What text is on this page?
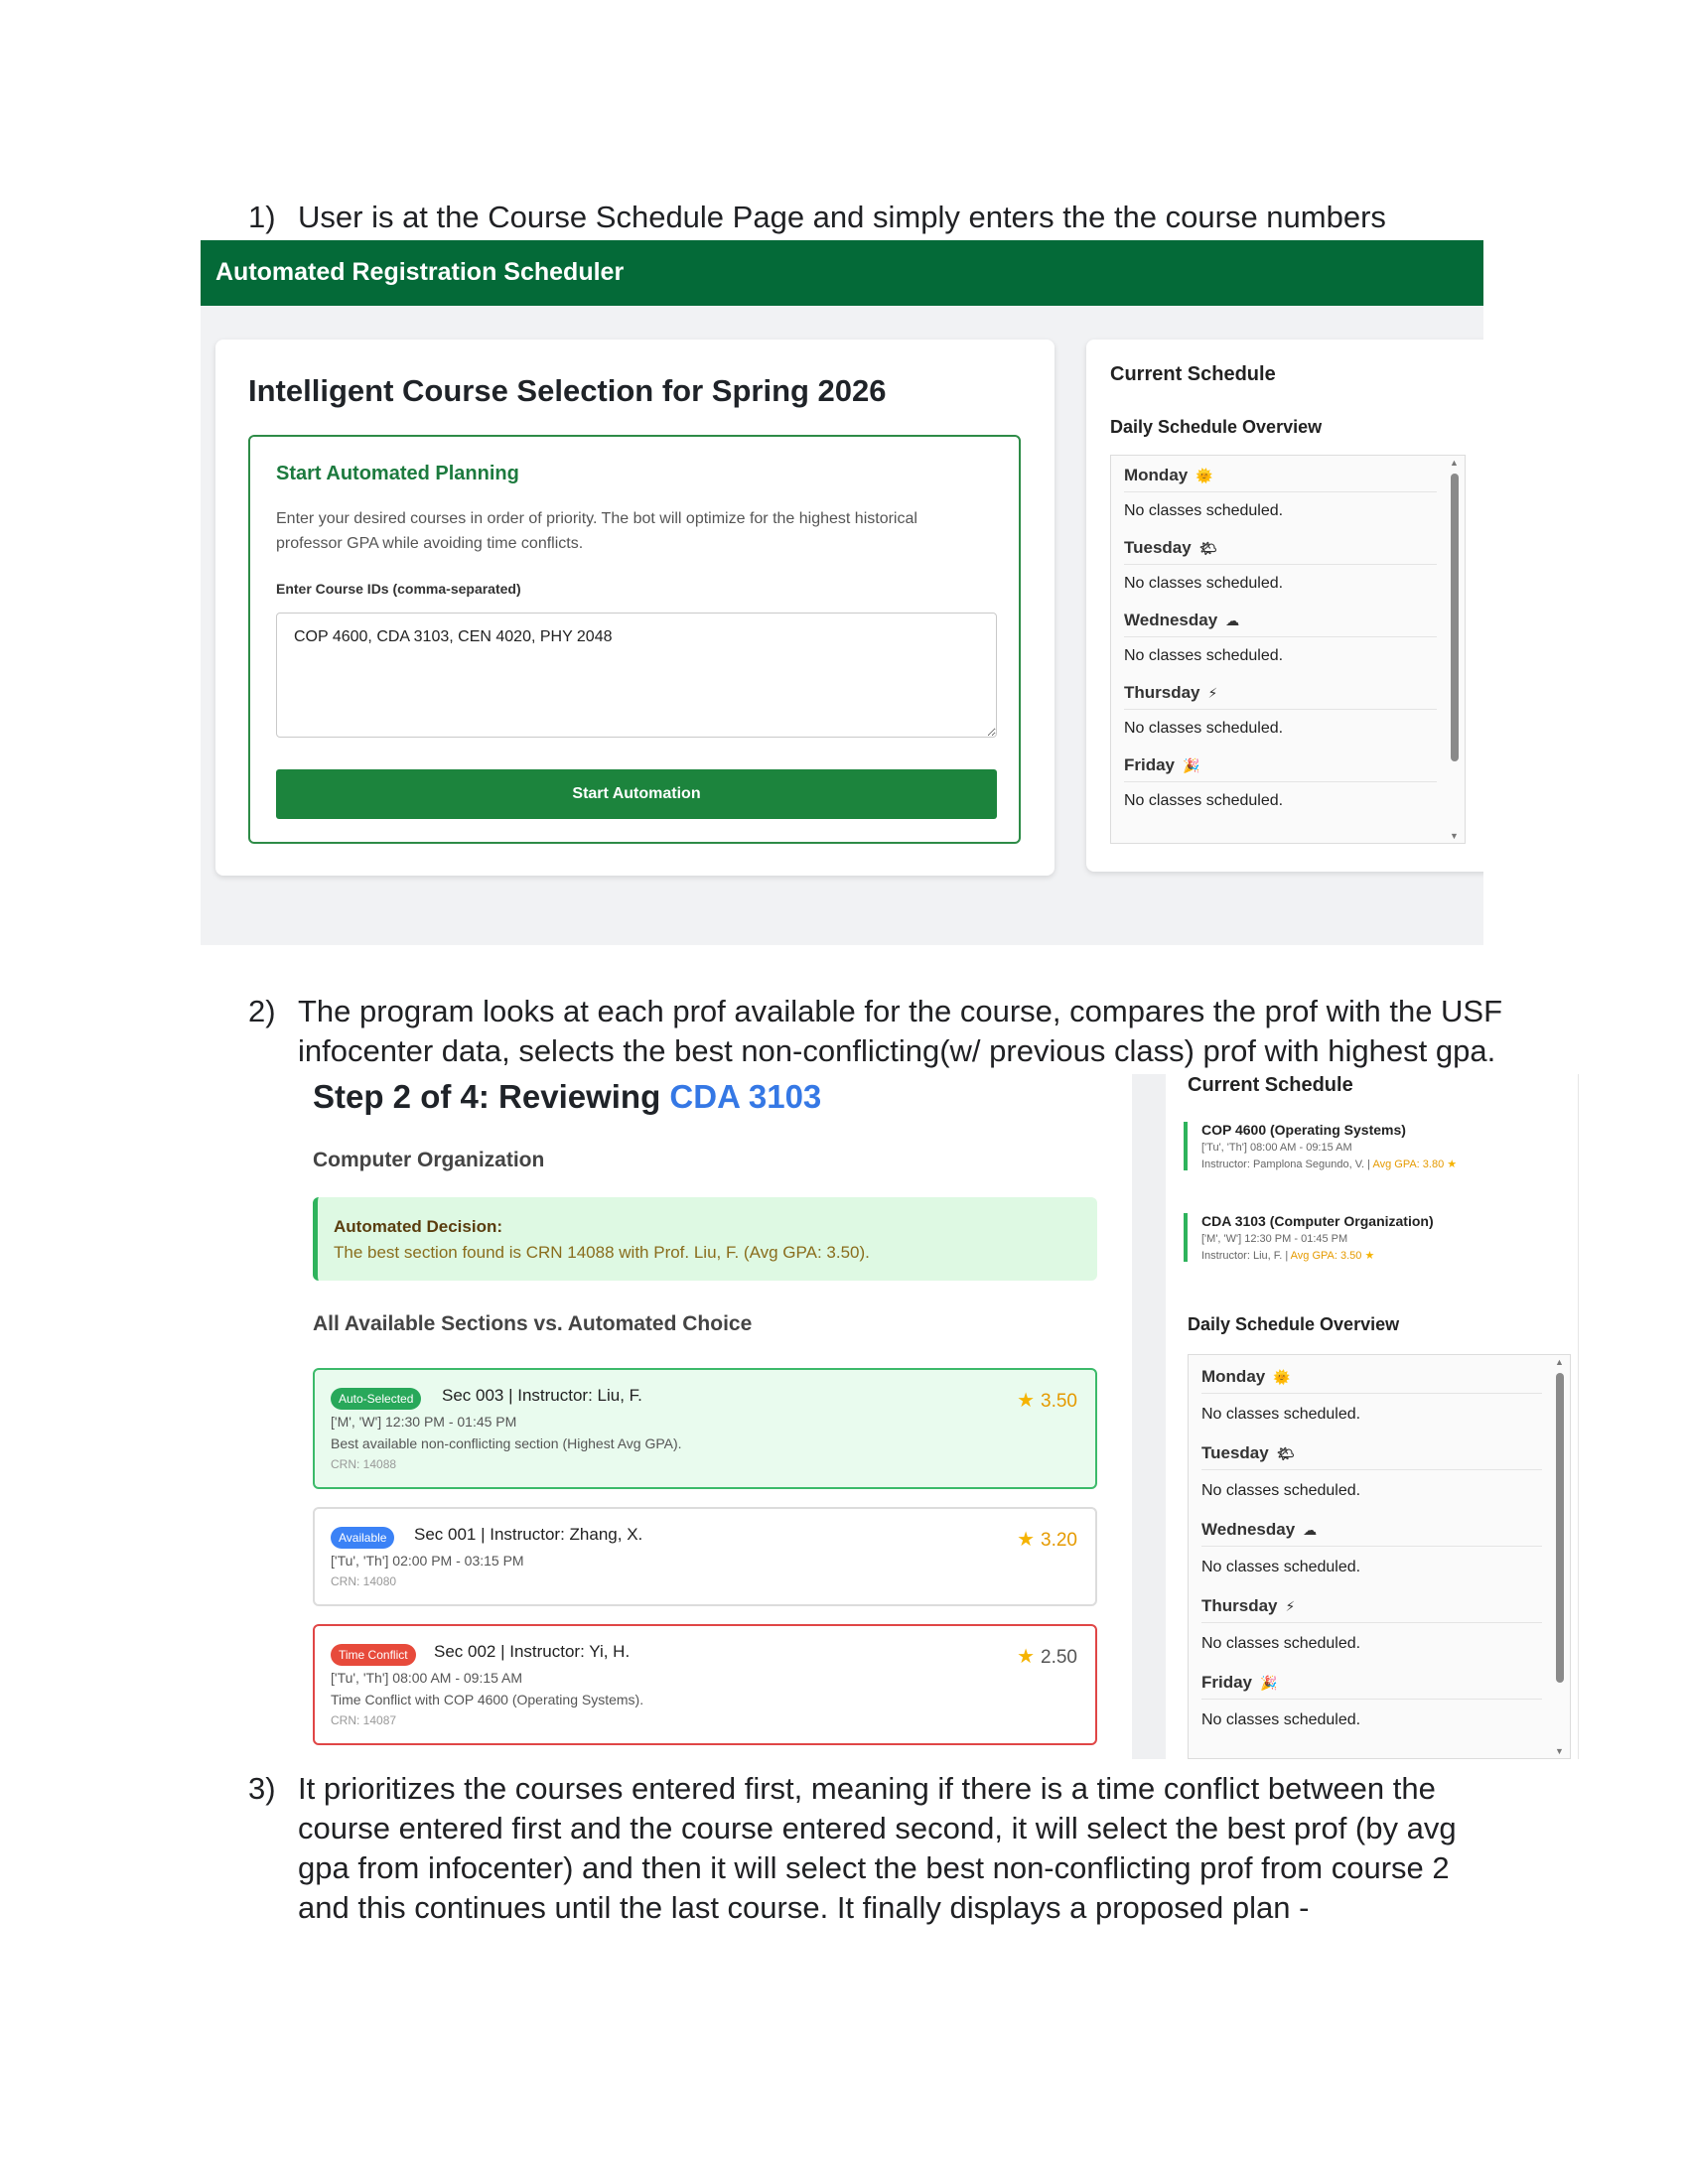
1) User is at the Course Schedule Page and simply enters the the course numbers
Automated Registration Scheduler
Intelligent Course Selection for Spring 2026
Start Automated Planning
Enter your desired courses in order of priority. The bot will optimize for the highest historical professor GPA while avoiding time conflicts.
Enter Course IDs (comma-separated)
COP 4600, CDA 3103, CEN 4020, PHY 2048
Start Automation
Current Schedule
Daily Schedule Overview
Monday 🌞
No classes scheduled.
Tuesday 🌤
No classes scheduled.
Wednesday ☁
No classes scheduled.
Thursday ⚡
No classes scheduled.
Friday 🎉
No classes scheduled.
▲
▼
2) The program looks at each prof available for the course, compares the prof with the USF infocenter data, selects the best non-conflicting(w/ previous class) prof with highest gpa.
Step 2 of 4: Reviewing CDA 3103
Computer Organization
Automated Decision:
The best section found is CRN 14088 with Prof. Liu, F. (Avg GPA: 3.50).
All Available Sections vs. Automated Choice
Auto-Selected	Sec 003 | Instructor: Liu, F.
['M', 'W'] 12:30 PM - 01:45 PM
Best available non-conflicting section (Highest Avg GPA).
CRN: 14088
★ 3.50
Available	Sec 001 | Instructor: Zhang, X.
['Tu', 'Th'] 02:00 PM - 03:15 PM
CRN: 14080
★ 3.20
Time Conflict	Sec 002 | Instructor: Yi, H.
['Tu', 'Th'] 08:00 AM - 09:15 AM
Time Conflict with COP 4600 (Operating Systems).
CRN: 14087
★ 2.50
Current Schedule
COP 4600 (Operating Systems)
['Tu', 'Th'] 08:00 AM - 09:15 AM
Instructor: Pamplona Segundo, V. | Avg GPA: 3.80 ★
CDA 3103 (Computer Organization)
['M', 'W'] 12:30 PM - 01:45 PM
Instructor: Liu, F. | Avg GPA: 3.50 ★
Daily Schedule Overview
Monday 🌞
No classes scheduled.
Tuesday 🌤
No classes scheduled.
Wednesday ☁
No classes scheduled.
Thursday ⚡
No classes scheduled.
Friday 🎉
No classes scheduled.
▲
▼
3) It prioritizes the courses entered first, meaning if there is a time conflict between the course entered first and the course entered second, it will select the best prof (by avg gpa from infocenter) and then it will select the best non-conflicting prof from course 2 and this continues until the last course. It finally displays a proposed plan -
